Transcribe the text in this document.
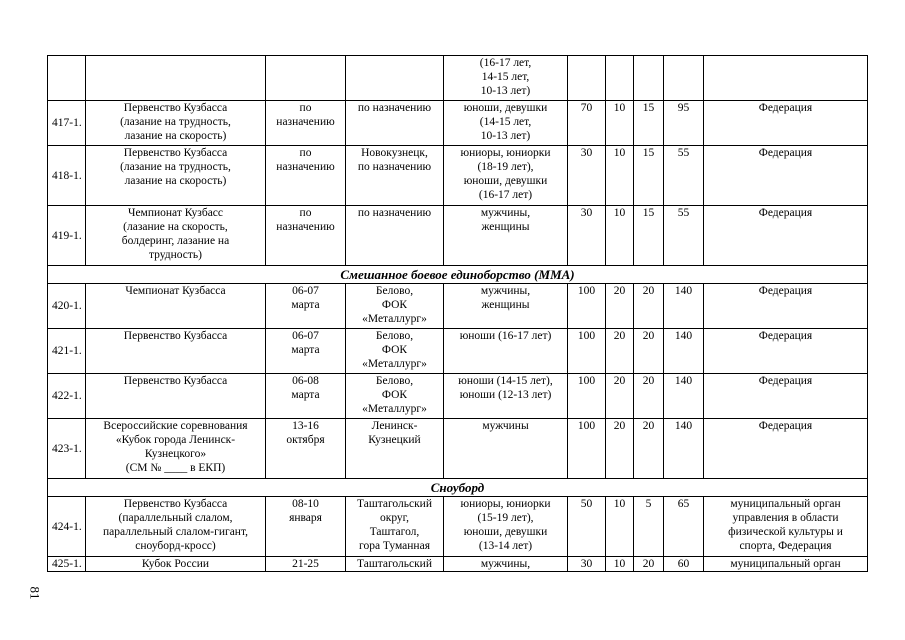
				(16-17 лет,
14-15 лет,
10-13 лет)					
417-1.	Первенство Кузбасса
(лазание на трудность,
лазание на скорость)	по
назначению	по назначению	юноши, девушки
(14-15 лет,
10-13 лет)	70	10	15	95	Федерация
418-1.	Первенство Кузбасса
(лазание на трудность,
лазание на скорость)	по
назначению	Новокузнецк,
по назначению	юниоры, юниорки
(18-19 лет),
юноши, девушки
(16-17 лет)	30	10	15	55	Федерация
419-1.	Чемпионат Кузбасс
(лазание на скорость,
болдеринг, лазание на
трудность)	по
назначению	по назначению	мужчины,
женщины	30	10	15	55	Федерация
Смешанное боевое единоборство (ММА)									
420-1.	Чемпионат Кузбасса	06-07
марта	Белово,
ФОК
«Металлург»	мужчины,
женщины	100	20	20	140	Федерация
421-1.	Первенство Кузбасса	06-07
марта	Белово,
ФОК
«Металлург»	юноши (16-17 лет)	100	20	20	140	Федерация
422-1.	Первенство Кузбасса	06-08
марта	Белово,
ФОК
«Металлург»	юноши (14-15 лет),
юноши (12-13 лет)	100	20	20	140	Федерация
423-1.	Всероссийские соревнования
«Кубок города Ленинск-
Кузнецкого»
(СМ № ____ в ЕКП)	13-16
октября	Ленинск-
Кузнецкий	мужчины	100	20	20	140	Федерация
Сноуборд									
424-1.	Первенство Кузбасса
(параллельный слалом,
параллельный слалом-гигант,
сноуборд-кросс)	08-10
января	Таштагольский
округ,
Таштагол,
гора Туманная	юниоры, юниорки
(15-19 лет),
юноши, девушки
(13-14 лет)	50	10	5	65	муниципальный орган
управления в области
физической культуры и
спорта, Федерация
425-1.	Кубок России	21-25	Таштагольский	мужчины,	30	10	20	60	муниципальный орган
81
